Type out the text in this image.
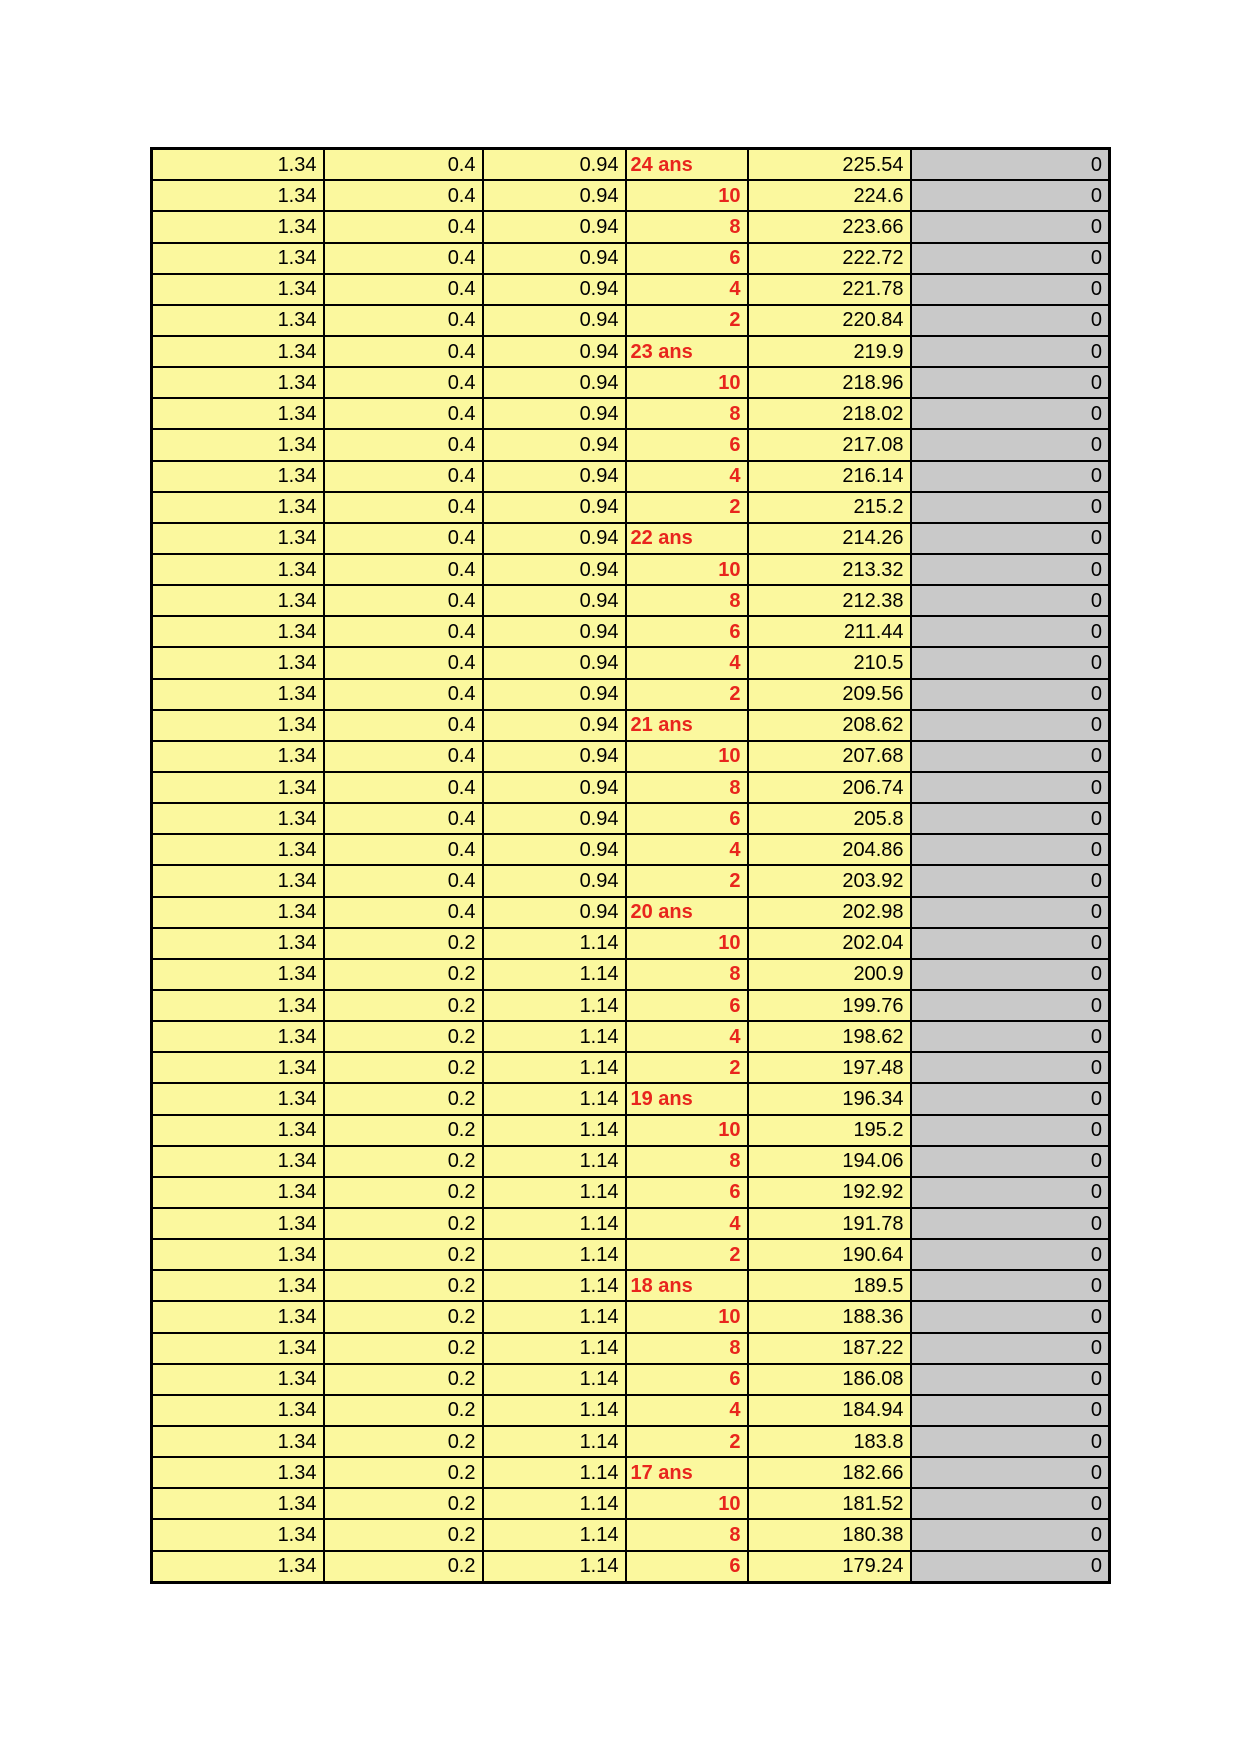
1.34	0.4	0.94	24 ans	225.54	0
1.34	0.4	0.94	10	224.6	0
1.34	0.4	0.94	8	223.66	0
1.34	0.4	0.94	6	222.72	0
1.34	0.4	0.94	4	221.78	0
1.34	0.4	0.94	2	220.84	0
1.34	0.4	0.94	23 ans	219.9	0
1.34	0.4	0.94	10	218.96	0
1.34	0.4	0.94	8	218.02	0
1.34	0.4	0.94	6	217.08	0
1.34	0.4	0.94	4	216.14	0
1.34	0.4	0.94	2	215.2	0
1.34	0.4	0.94	22 ans	214.26	0
1.34	0.4	0.94	10	213.32	0
1.34	0.4	0.94	8	212.38	0
1.34	0.4	0.94	6	211.44	0
1.34	0.4	0.94	4	210.5	0
1.34	0.4	0.94	2	209.56	0
1.34	0.4	0.94	21 ans	208.62	0
1.34	0.4	0.94	10	207.68	0
1.34	0.4	0.94	8	206.74	0
1.34	0.4	0.94	6	205.8	0
1.34	0.4	0.94	4	204.86	0
1.34	0.4	0.94	2	203.92	0
1.34	0.4	0.94	20 ans	202.98	0
1.34	0.2	1.14	10	202.04	0
1.34	0.2	1.14	8	200.9	0
1.34	0.2	1.14	6	199.76	0
1.34	0.2	1.14	4	198.62	0
1.34	0.2	1.14	2	197.48	0
1.34	0.2	1.14	19 ans	196.34	0
1.34	0.2	1.14	10	195.2	0
1.34	0.2	1.14	8	194.06	0
1.34	0.2	1.14	6	192.92	0
1.34	0.2	1.14	4	191.78	0
1.34	0.2	1.14	2	190.64	0
1.34	0.2	1.14	18 ans	189.5	0
1.34	0.2	1.14	10	188.36	0
1.34	0.2	1.14	8	187.22	0
1.34	0.2	1.14	6	186.08	0
1.34	0.2	1.14	4	184.94	0
1.34	0.2	1.14	2	183.8	0
1.34	0.2	1.14	17 ans	182.66	0
1.34	0.2	1.14	10	181.52	0
1.34	0.2	1.14	8	180.38	0
1.34	0.2	1.14	6	179.24	0
